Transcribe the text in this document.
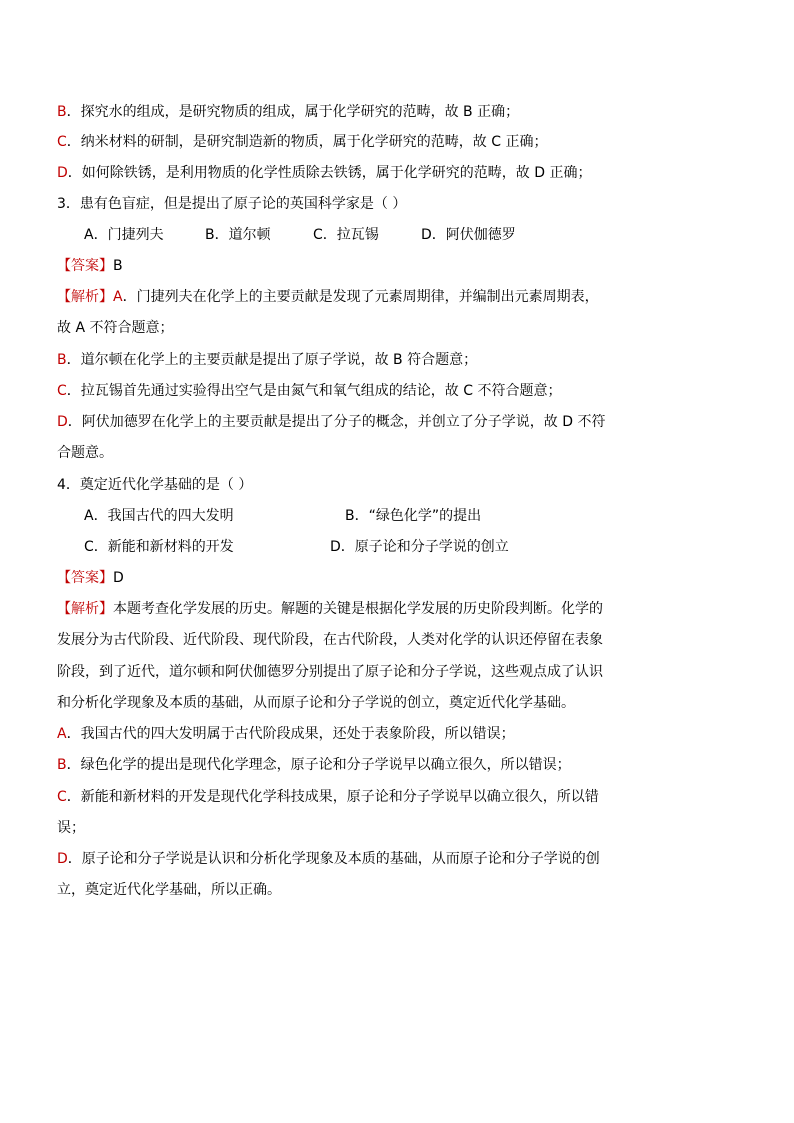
B．探究水的组成，是研究物质的组成，属于化学研究的范畴，故 B 正确；
C．纳米材料的研制，是研究制造新的物质，属于化学研究的范畴，故 C 正确；
D．如何除铁锈，是利用物质的化学性质除去铁锈，属于化学研究的范畴，故 D 正确；
3．患有色盲症，但是提出了原子论的英国科学家是（ ）
A．门捷列夫	B．道尔顿	C．拉瓦锡	D．阿伏伽德罗
【答案】B
【解析】A．门捷列夫在化学上的主要贡献是发现了元素周期律，并编制出元素周期表，
故 A 不符合题意；
B．道尔顿在化学上的主要贡献是提出了原子学说，故 B 符合题意；
C．拉瓦锡首先通过实验得出空气是由氮气和氧气组成的结论，故 C 不符合题意；
D．阿伏加德罗在化学上的主要贡献是提出了分子的概念，并创立了分子学说，故 D 不符
合题意。
4．奠定近代化学基础的是（ ）
A．我国古代的四大发明	B．“绿色化学”的提出
C．新能和新材料的开发	D．原子论和分子学说的创立
【答案】D
【解析】本题考查化学发展的历史。解题的关键是根据化学发展的历史阶段判断。化学的
发展分为古代阶段、近代阶段、现代阶段，在古代阶段，人类对化学的认识还停留在表象
阶段，到了近代，道尔顿和阿伏伽德罗分别提出了原子论和分子学说，这些观点成了认识
和分析化学现象及本质的基础，从而原子论和分子学说的创立，奠定近代化学基础。
A．我国古代的四大发明属于古代阶段成果，还处于表象阶段，所以错误；
B．绿色化学的提出是现代化学理念，原子论和分子学说早以确立很久，所以错误；
C．新能和新材料的开发是现代化学科技成果，原子论和分子学说早以确立很久，所以错
误；
D．原子论和分子学说是认识和分析化学现象及本质的基础，从而原子论和分子学说的创
立，奠定近代化学基础，所以正确。
